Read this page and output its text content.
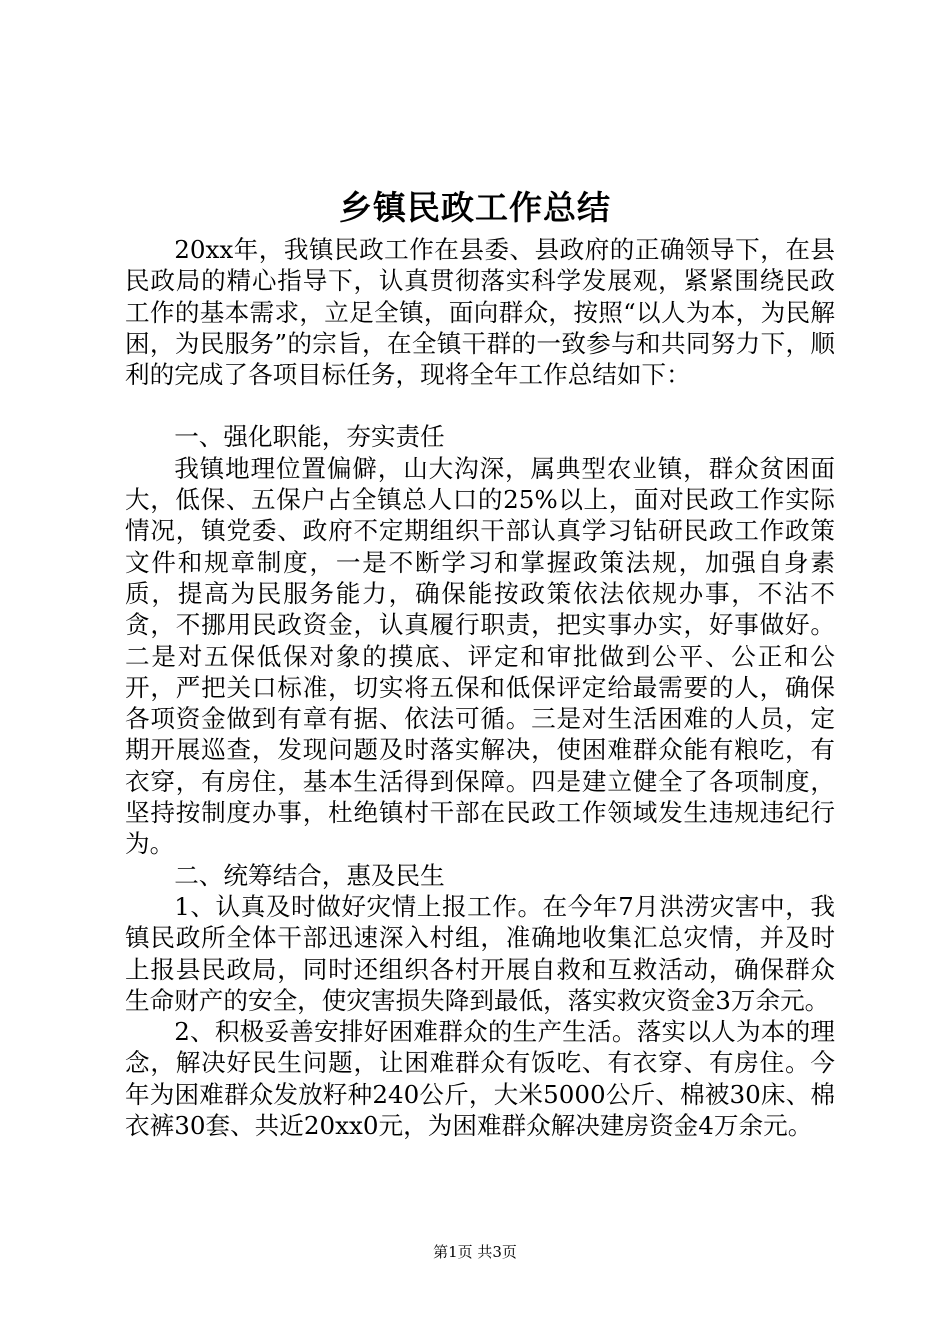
乡镇民政工作总结

20xx年，我镇民政工作在县委、县政府的正确领导下，在县民政局的精心指导下，认真贯彻落实科学发展观，紧紧围绕民政工作的基本需求，立足全镇，面向群众，按照“以人为本，为民解困，为民服务”的宗旨，在全镇干群的一致参与和共同努力下，顺利的完成了各项目标任务，现将全年工作总结如下：

一、强化职能，夯实责任

我镇地理位置偏僻，山大沟深，属典型农业镇，群众贫困面大，低保、五保户占全镇总人口的25%以上，面对民政工作实际情况，镇党委、政府不定期组织干部认真学习钻研民政工作政策文件和规章制度，一是不断学习和掌握政策法规，加强自身素质，提高为民服务能力，确保能按政策依法依规办事，不沾不贪，不挪用民政资金，认真履行职责，把实事办实，好事做好。二是对五保低保对象的摸底、评定和审批做到公平、公正和公开，严把关口标准，切实将五保和低保评定给最需要的人，确保各项资金做到有章有据、依法可循。三是对生活困难的人员，定期开展巡查，发现问题及时落实解决，使困难群众能有粮吃，有衣穿，有房住，基本生活得到保障。四是建立健全了各项制度，坚持按制度办事，杜绝镇村干部在民政工作领域发生违规违纪行为。

二、统筹结合，惠及民生

1、认真及时做好灾情上报工作。在今年7月洪涝灾害中，我镇民政所全体干部迅速深入村组，准确地收集汇总灾情，并及时上报县民政局，同时还组织各村开展自救和互救活动，确保群众生命财产的安全，使灾害损失降到最低，落实救灾资金3万余元。

2、积极妥善安排好困难群众的生产生活。落实以人为本的理念，解决好民生问题，让困难群众有饭吃、有衣穿、有房住。今年为困难群众发放籽种240公斤，大米5000公斤、棉被30床、棉衣裤30套、共近20xx0元，为困难群众解决建房资金4万余元。

第1页 共3页
